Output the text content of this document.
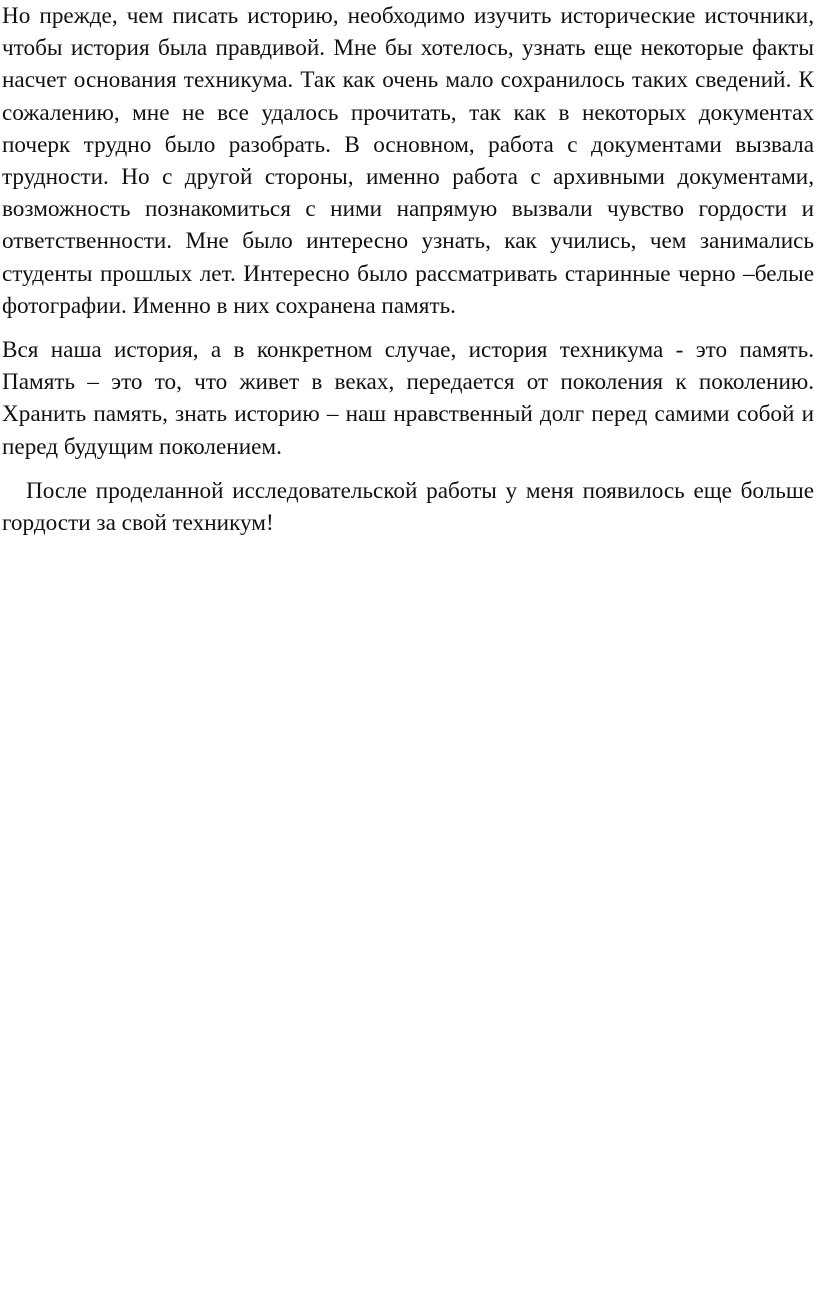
Но прежде, чем писать историю, необходимо изучить исторические источники, чтобы история была правдивой. Мне бы хотелось, узнать еще некоторые факты насчет основания техникума. Так как очень мало сохранилось таких сведений. К сожалению, мне не все удалось прочитать, так как в некоторых документах почерк трудно было разобрать. В основном, работа с документами вызвала трудности. Но с другой стороны, именно работа с архивными документами, возможность познакомиться с ними напрямую вызвали чувство гордости и ответственности. Мне было интересно узнать, как учились, чем занимались студенты прошлых лет. Интересно было рассматривать старинные черно –белые фотографии. Именно в них сохранена память.

Вся наша история, а в конкретном случае, история техникума - это память. Память – это то, что живет в веках, передается от поколения к поколению. Хранить память, знать историю – наш нравственный долг перед самими собой и перед будущим поколением.

После проделанной исследовательской работы у меня появилось еще больше гордости за свой техникум!
